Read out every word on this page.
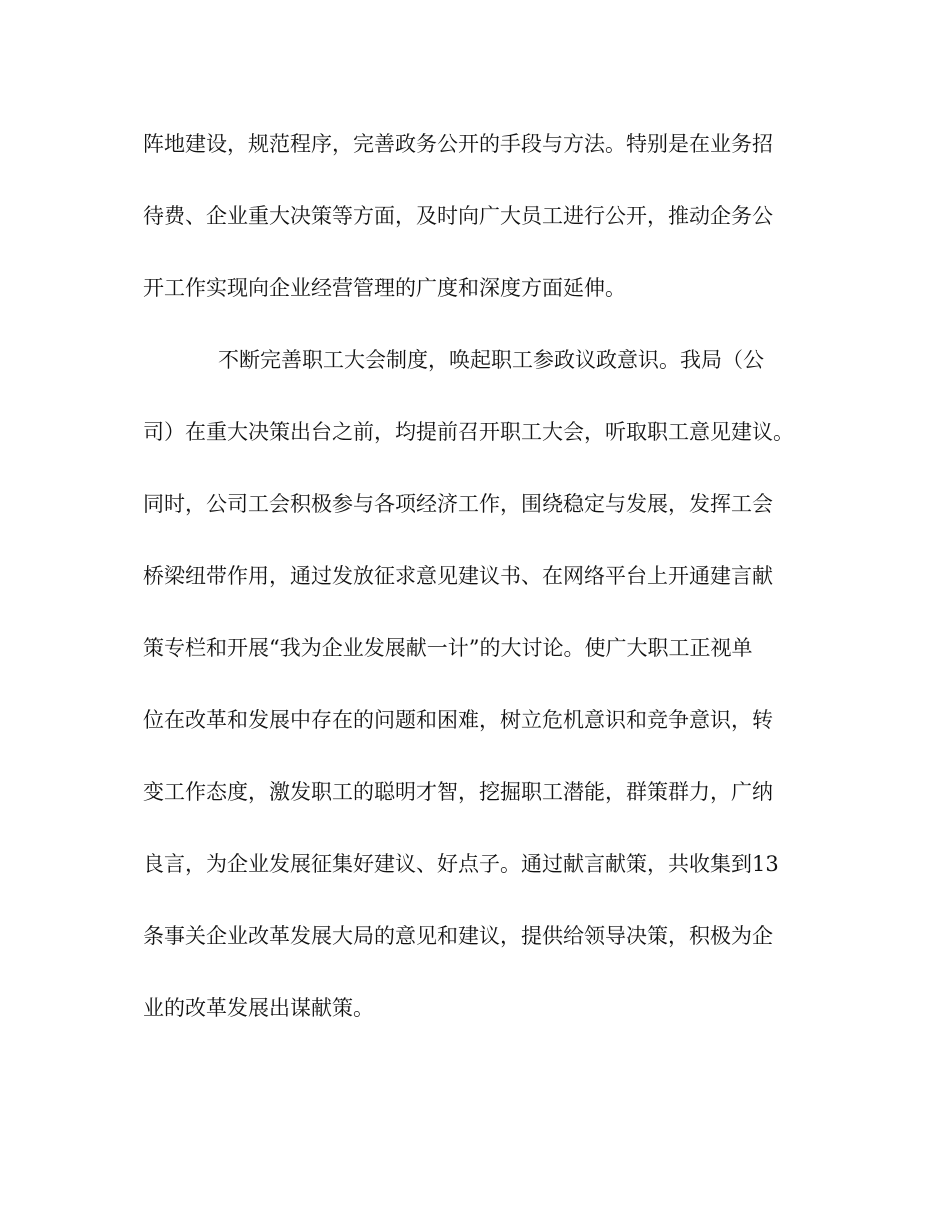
阵地建设，规范程序，完善政务公开的手段与方法。特别是在业务招
待费、企业重大决策等方面，及时向广大员工进行公开，推动企务公
开工作实现向企业经营管理的广度和深度方面延伸。
不断完善职工大会制度，唤起职工参政议政意识。我局（公
司）在重大决策出台之前，均提前召开职工大会，听取职工意见建议。
同时，公司工会积极参与各项经济工作，围绕稳定与发展，发挥工会
桥梁纽带作用，通过发放征求意见建议书、在网络平台上开通建言献
策专栏和开展“我为企业发展献一计”的大讨论。使广大职工正视单
位在改革和发展中存在的问题和困难，树立危机意识和竞争意识，转
变工作态度，激发职工的聪明才智，挖掘职工潜能，群策群力，广纳
良言，为企业发展征集好建议、好点子。通过献言献策，共收集到13
条事关企业改革发展大局的意见和建议，提供给领导决策，积极为企
业的改革发展出谋献策。
